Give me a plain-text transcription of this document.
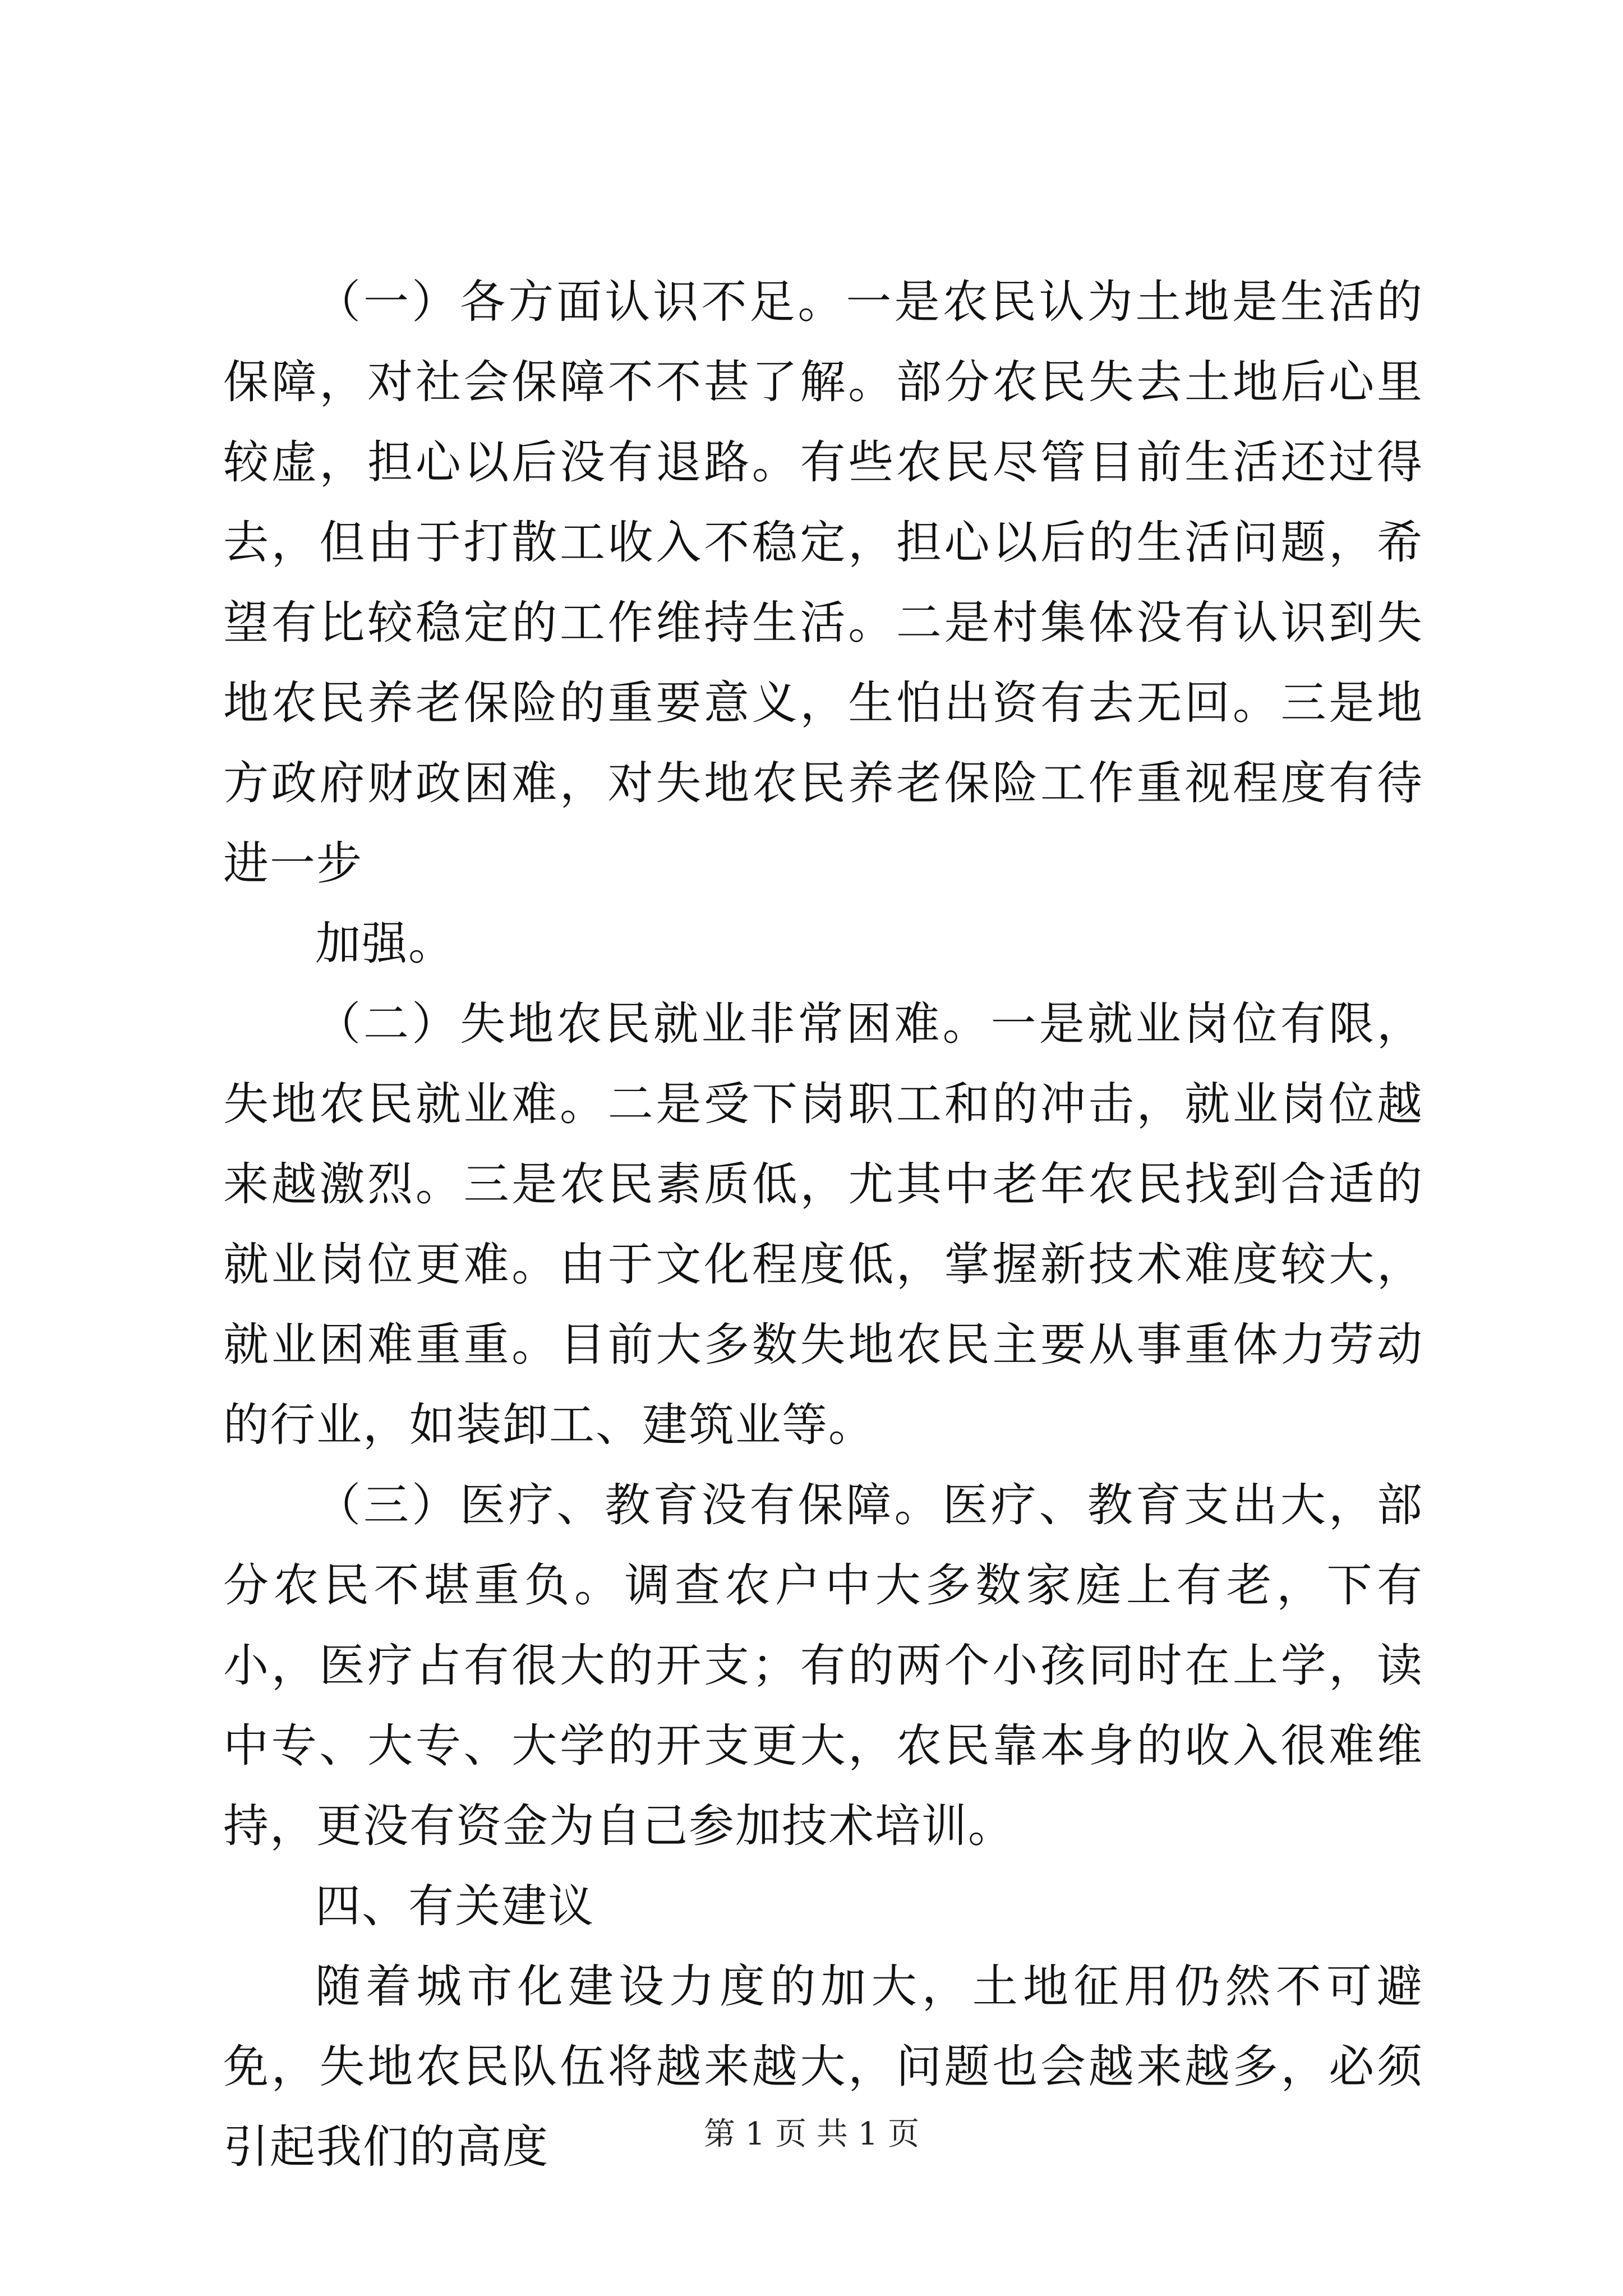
（一）各方面认识不足。一是农民认为土地是生活的保障，对社会保障不不甚了解。部分农民失去土地后心里较虚，担心以后没有退路。有些农民尽管目前生活还过得去，但由于打散工收入不稳定，担心以后的生活问题，希望有比较稳定的工作维持生活。二是村集体没有认识到失地农民养老保险的重要意义，生怕出资有去无回。三是地方政府财政困难，对失地农民养老保险工作重视程度有待进一步

加强。

（二）失地农民就业非常困难。一是就业岗位有限，失地农民就业难。二是受下岗职工和的冲击，就业岗位越来越激烈。三是农民素质低，尤其中老年农民找到合适的就业岗位更难。由于文化程度低，掌握新技术难度较大，就业困难重重。目前大多数失地农民主要从事重体力劳动的行业，如装卸工、建筑业等。

（三）医疗、教育没有保障。医疗、教育支出大，部分农民不堪重负。调查农户中大多数家庭上有老，下有小，医疗占有很大的开支；有的两个小孩同时在上学，读中专、大专、大学的开支更大，农民靠本身的收入很难维持，更没有资金为自己参加技术培训。

四、有关建议

随着城市化建设力度的加大，土地征用仍然不可避免，失地农民队伍将越来越大，问题也会越来越多，必须引起我们的高度	第 1 页 共 1 页
